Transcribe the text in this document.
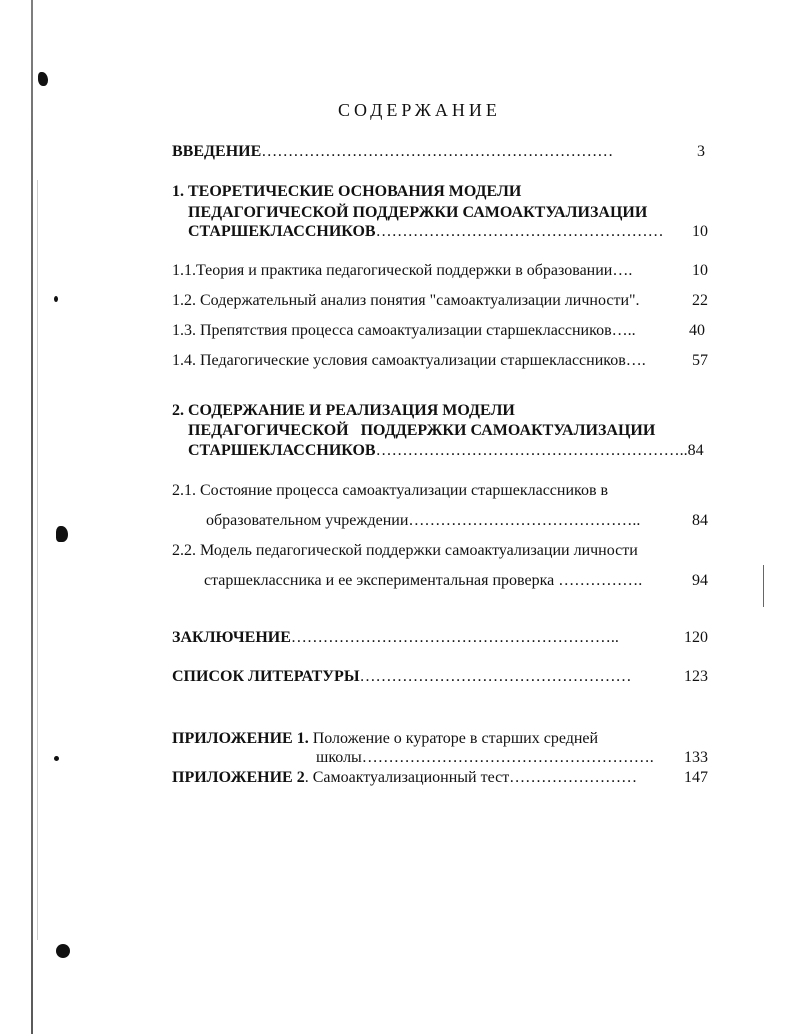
СОДЕРЖАНИЕ
ВВЕДЕНИЕ…………………………………………………………	3
1. ТЕОРЕТИЧЕСКИЕ ОСНОВАНИЯ МОДЕЛИ
ПЕДАГОГИЧЕСКОЙ ПОДДЕРЖКИ САМОАКТУАЛИЗАЦИИ
СТАРШЕКЛАССНИКОВ……………………………………………… 10
1.1.Теория и практика педагогической поддержки в образовании….	10
1.2. Содержательный анализ понятия "самоактуализации личности".	22
1.3. Препятствия процесса самоактуализации старшеклассников…..	40
1.4. Педагогические условия самоактуализации старшеклассников….	57
2. СОДЕРЖАНИЕ И РЕАЛИЗАЦИЯ МОДЕЛИ
ПЕДАГОГИЧЕСКОЙ   ПОДДЕРЖКИ САМОАКТУАЛИЗАЦИИ
СТАРШЕКЛАССНИКОВ…………………………………………………..84
2.1. Состояние процесса самоактуализации старшеклассников в
образовательном учреждении……………………………………..	84
2.2. Модель педагогической поддержки самоактуализации личности
старшеклассника и ее экспериментальная проверка …………….	94
ЗАКЛЮЧЕНИЕ……………………………………………………..	120
СПИСОК ЛИТЕРАТУРЫ……………………………………………	123
ПРИЛОЖЕНИЕ 1. Положение о кураторе в старших средней
школы………………………………………………. 133
ПРИЛОЖЕНИЕ 2. Самоактуализационный тест……………………	147
